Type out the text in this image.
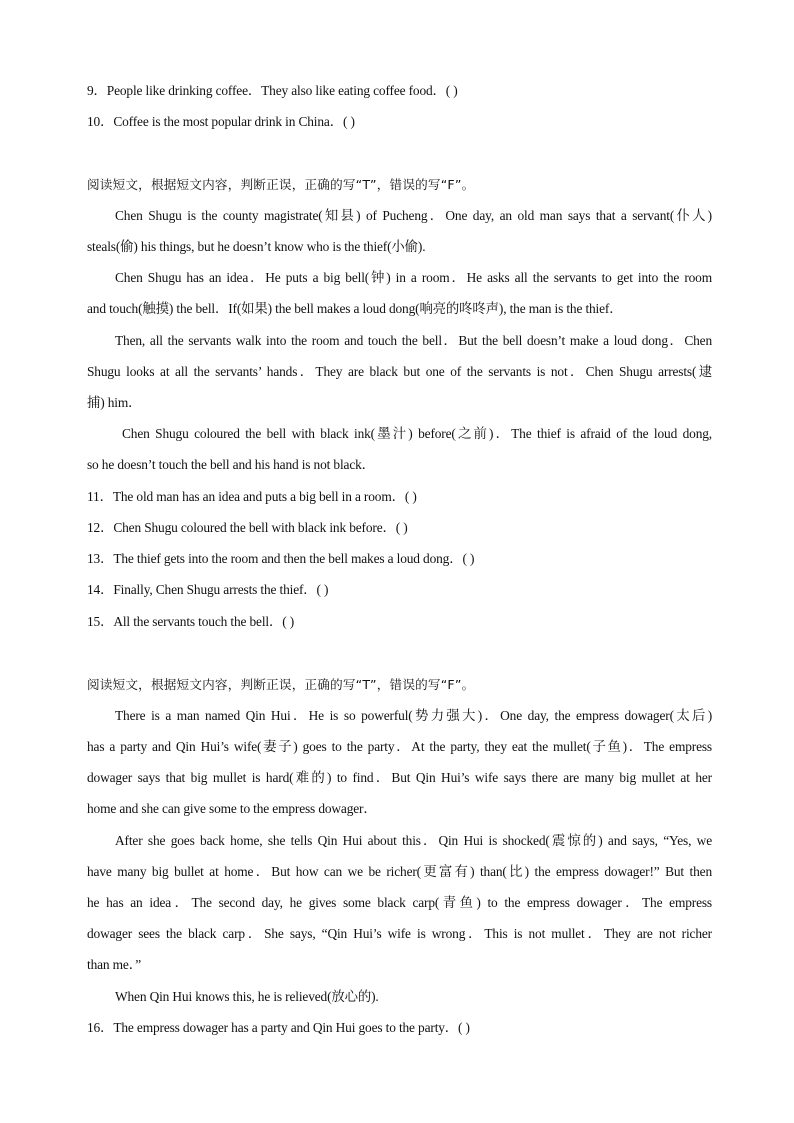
9．People like drinking coffee．They also like eating coffee food．( )
10．Coffee is the most popular drink in China．( )
阅读短文，根据短文内容，判断正误，正确的写“T”，错误的写“F”。
Chen Shugu is the county magistrate(知县) of Pucheng．One day, an old man says that a servant(仆人)
steals(偷) his things, but he doesn’t know who is the thief(小偷).
Chen Shugu has an idea．He puts a big bell(钟) in a room．He asks all the servants to get into the room
and touch(触摸) the bell．If(如果) the bell makes a loud dong(响亮的咚咚声), the man is the thief．
Then, all the servants walk into the room and touch the bell．But the bell doesn’t make a loud dong．Chen
Shugu looks at all the servants’ hands．They are black but one of the servants is not．Chen Shugu arrests(逮
捕) him．
Chen Shugu coloured the bell with black ink(墨汁) before(之前)．The thief is afraid of the loud dong,
so he doesn’t touch the bell and his hand is not black．
11．The old man has an idea and puts a big bell in a room．( )
12．Chen Shugu coloured the bell with black ink before．( )
13．The thief gets into the room and then the bell makes a loud dong．( )
14．Finally, Chen Shugu arrests the thief．( )
15．All the servants touch the bell．( )
阅读短文，根据短文内容，判断正误，正确的写“T”，错误的写“F”。
There is a man named Qin Hui．He is so powerful(势力强大)．One day, the empress dowager(太后)
has a party and Qin Hui’s wife(妻子) goes to the party．At the party, they eat the mullet(子鱼)．The empress
dowager says that big mullet is hard(难的) to find．But Qin Hui’s wife says there are many big mullet at her
home and she can give some to the empress dowager．
After she goes back home, she tells Qin Hui about this．Qin Hui is shocked(震惊的) and says, “Yes, we
have many big bullet at home．But how can we be richer(更富有) than(比) the empress dowager!” But then
he has an idea．The second day, he gives some black carp(青鱼) to the empress dowager．The empress
dowager sees the black carp．She says, “Qin Hui’s wife is wrong．This is not mullet．They are not richer
than me．”
When Qin Hui knows this, he is relieved(放心的).
16．The empress dowager has a party and Qin Hui goes to the party．( )
